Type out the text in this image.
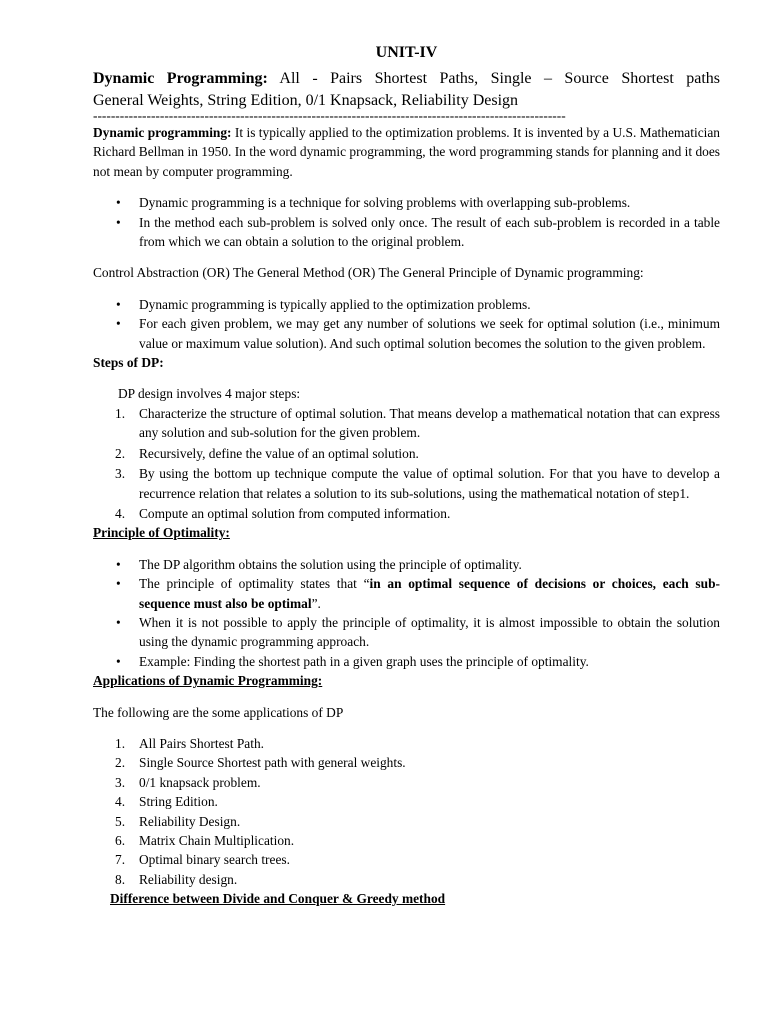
UNIT-IV
Dynamic Programming: All - Pairs Shortest Paths, Single – Source Shortest paths
General Weights, String Edition, 0/1 Knapsack, Reliability Design
----------------------------------------------------------------------------------------------------------

Dynamic programming: It is typically applied to the optimization problems. It is invented by a U.S. Mathematician Richard Bellman in 1950. In the word dynamic programming, the word programming stands for planning and it does not mean by computer programming.

• Dynamic programming is a technique for solving problems with overlapping sub-problems.
• In the method each sub-problem is solved only once. The result of each sub-problem is recorded in a table from which we can obtain a solution to the original problem.

Control Abstraction (OR) The General Method (OR) The General Principle of Dynamic programming:

• Dynamic programming is typically applied to the optimization problems.
• For each given problem, we may get any number of solutions we seek for optimal solution (i.e., minimum value or maximum value solution). And such optimal solution becomes the solution to the given problem.

Steps of DP:

DP design involves 4 major steps:

1. Characterize the structure of optimal solution. That means develop a mathematical notation that can express any solution and sub-solution for the given problem.
2. Recursively, define the value of an optimal solution.
3. By using the bottom up technique compute the value of optimal solution. For that you have to develop a recurrence relation that relates a solution to its sub-solutions, using the mathematical notation of step1.
4. Compute an optimal solution from computed information.

Principle of Optimality:

• The DP algorithm obtains the solution using the principle of optimality.
• The principle of optimality states that “in an optimal sequence of decisions or choices, each sub-sequence must also be optimal”.
• When it is not possible to apply the principle of optimality, it is almost impossible to obtain the solution using the dynamic programming approach.
• Example: Finding the shortest path in a given graph uses the principle of optimality.

Applications of Dynamic Programming:

The following are the some applications of DP

1. All Pairs Shortest Path.
2. Single Source Shortest path with general weights.
3. 0/1 knapsack problem.
4. String Edition.
5. Reliability Design.
6. Matrix Chain Multiplication.
7. Optimal binary search trees.
8. Reliability design.

Difference between Divide and Conquer & Greedy method
